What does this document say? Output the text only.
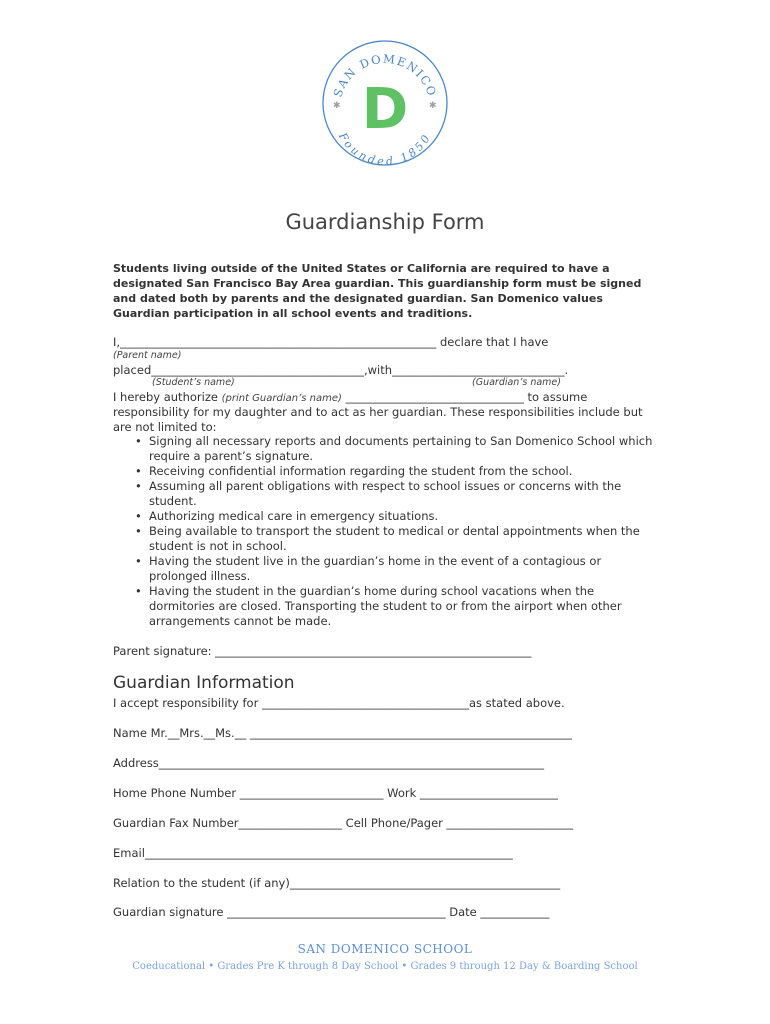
SAN DOMENICO
Founded 1850
✱	✱
D
Guardianship Form
Students living outside of the United States or California are required to have a designated San Francisco Bay Area guardian. This guardianship form must be signed and dated both by parents and the designated guardian. San Domenico values Guardian participation in all school events and traditions.
I,_______________________________________________________ declare that I have
(Parent name)
placed_____________________________________,with______________________________.
(Student’s name)	(Guardian’s name)
I hereby authorize (print Guardian’s name) _______________________________ to assume
responsibility for my daughter and to act as her guardian. These responsibilities include but are not limited to:
• Signing all necessary reports and documents pertaining to San Domenico School which require a parent’s signature.
• Receiving confidential information regarding the student from the school.
• Assuming all parent obligations with respect to school issues or concerns with the student.
• Authorizing medical care in emergency situations.
• Being available to transport the student to medical or dental appointments when the student is not in school.
• Having the student live in the guardian’s home in the event of a contagious or prolonged illness.
• Having the student in the guardian’s home during school vacations when the dormitories are closed. Transporting the student to or from the airport when other arrangements cannot be made.
Parent signature: _______________________________________________________
Guardian Information
I accept responsibility for ____________________________________as stated above.
Name Mr.__Mrs.__Ms.__ ________________________________________________________
Address___________________________________________________________________
Home Phone Number _________________________ Work ________________________
Guardian Fax Number__________________ Cell Phone/Pager ______________________
Email________________________________________________________________
Relation to the student (if any)_______________________________________________
Guardian signature ______________________________________ Date ____________
SAN DOMENICO SCHOOL
Coeducational • Grades Pre K through 8 Day School • Grades 9 through 12 Day & Boarding School
